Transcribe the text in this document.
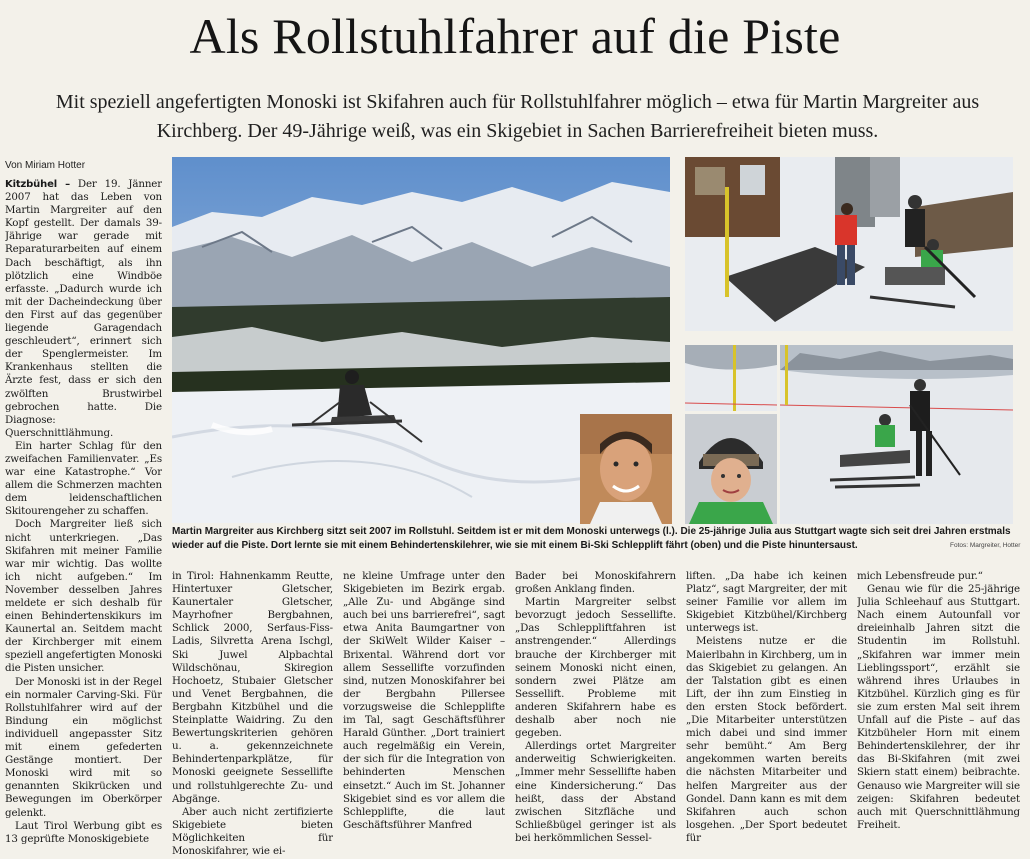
Als Rollstuhlfahrer auf die Piste
Mit speziell angefertigten Monoski ist Skifahren auch für Rollstuhlfahrer möglich – etwa für Martin Margreiter aus Kirchberg. Der 49-Jährige weiß, was ein Skigebiet in Sachen Barrierefreiheit bieten muss.
Von Miriam Hotter

Kitzbühel – Der 19. Jänner 2007 hat das Leben von Martin Margreiter auf den Kopf gestellt. Der damals 39-Jährige war gerade mit Reparaturarbeiten auf einem Dach beschäftigt, als ihn plötzlich eine Windböe erfasste. „Dadurch wurde ich mit der Dacheindeckung über den First auf das gegenüber liegende Garagendach geschleudert“, erinnert sich der Spenglermeister. Im Krankenhaus stellten die Ärzte fest, dass er sich den zwölften Brustwirbel gebrochen hatte. Die Diagnose: Querschnittlähmung.

Ein harter Schlag für den zweifachen Familienvater. „Es war eine Katastrophe.“ Vor allem die Schmerzen machten dem leidenschaftlichen Skitourengeher zu schaffen.

Doch Margreiter ließ sich nicht unterkriegen. „Das Skifahren mit meiner Familie war mir wichtig. Das wollte ich nicht aufgeben.“ Im November desselben Jahres meldete er sich deshalb für einen Behindertenskikurs im Kaunertal an. Seitdem macht der Kirchberger mit einem speziell angefertigten Monoski die Pisten unsicher.

Der Monoski ist in der Regel ein normaler Carving-Ski. Für Rollstuhlfahrer wird auf der Bindung ein möglichst individuell angepasster Sitz mit einem gefederten Gestänge montiert. Der Monoski wird mit so genannten Skikrücken und Bewegungen im Oberkörper gelenkt.

Laut Tirol Werbung gibt es 13 geprüfte Monoskigebiete

Martin Margreiter aus Kirchberg sitzt seit 2007 im Rollstuhl. Seitdem ist er mit dem Monoski unterwegs (l.). Die 25-jährige Julia aus Stuttgart wagte sich seit drei Jahren erstmals wieder auf die Piste. Dort lernte sie mit einem Behindertenskilehrer, wie sie mit einem Bi-Ski Schlepplift fährt (oben) und die Piste hinuntersaust.	Fotos: Margreiter, Hotter

in Tirol: Hahnenkamm Reutte, Hintertuxer Gletscher, Kaunertaler Gletscher, Mayrhofner Bergbahnen, Schlick 2000, Serfaus-Fiss-Ladis, Silvretta Arena Ischgl, Ski Juwel Alpbachtal Wildschönau, Skiregion Hochoetz, Stubaier Gletscher und Venet Bergbahnen, die Bergbahn Kitzbühel und die Steinplatte Waidring. Zu den Bewertungskriterien gehören u. a. gekennzeichnete Behindertenparkplätze, für Monoski geeignete Sessellifte und rollstuhlgerechte Zu- und Abgänge.

Aber auch nicht zertifizierte Skigebiete bieten Möglichkeiten für Monoskifahrer, wie ei-

ne kleine Umfrage unter den Skigebieten im Bezirk ergab. „Alle Zu- und Abgänge sind auch bei uns barrierefrei“, sagt etwa Anita Baumgartner von der SkiWelt Wilder Kaiser – Brixental. Während dort vor allem Sessellifte vorzufinden sind, nutzen Monoskifahrer bei der Bergbahn Pillersee vorzugsweise die Schlepplifte im Tal, sagt Geschäftsführer Harald Günther. „Dort trainiert auch regelmäßig ein Verein, der sich für die Integration von behinderten Menschen einsetzt.“ Auch im St. Johanner Skigebiet sind es vor allem die Schlepplifte, die laut Geschäftsführer Manfred

Bader bei Monoskifahrern großen Anklang finden.

Martin Margreiter selbst bevorzugt jedoch Sessellifte. „Das Schleppliftfahren ist anstrengender.“ Allerdings brauche der Kirchberger mit seinem Monoski nicht einen, sondern zwei Plätze am Sessellift. Probleme mit anderen Skifahrern habe es deshalb aber noch nie gegeben.

Allerdings ortet Margreiter anderweitig Schwierigkeiten. „Immer mehr Sessellifte haben eine Kindersicherung.“ Das heißt, dass der Abstand zwischen Sitzfläche und Schließbügel geringer ist als bei herkömmlichen Sessel-

liften. „Da habe ich keinen Platz“, sagt Margreiter, der mit seiner Familie vor allem im Skigebiet Kitzbühel/Kirchberg unterwegs ist.

Meistens nutze er die Maierlbahn in Kirchberg, um in das Skigebiet zu gelangen. An der Talstation gibt es einen Lift, der ihn zum Einstieg in den ersten Stock befördert. „Die Mitarbeiter unterstützen mich dabei und sind immer sehr bemüht.“ Am Berg angekommen warten bereits die nächsten Mitarbeiter und helfen Margreiter aus der Gondel. Dann kann es mit dem Skifahren auch schon losgehen. „Der Sport bedeutet für

mich Lebensfreude pur.“

Genau wie für die 25-jährige Julia Schleehauf aus Stuttgart. Nach einem Autounfall vor dreieinhalb Jahren sitzt die Studentin im Rollstuhl. „Skifahren war immer mein Lieblingssport“, erzählt sie während ihres Urlaubes in Kitzbühel. Kürzlich ging es für sie zum ersten Mal seit ihrem Unfall auf die Piste – auf das Kitzbüheler Horn mit einem Behindertenskilehrer, der ihr das Bi-Skifahren (mit zwei Skiern statt einem) beibrachte. Genauso wie Margreiter will sie zeigen: Skifahren bedeutet auch mit Querschnittlähmung Freiheit.
